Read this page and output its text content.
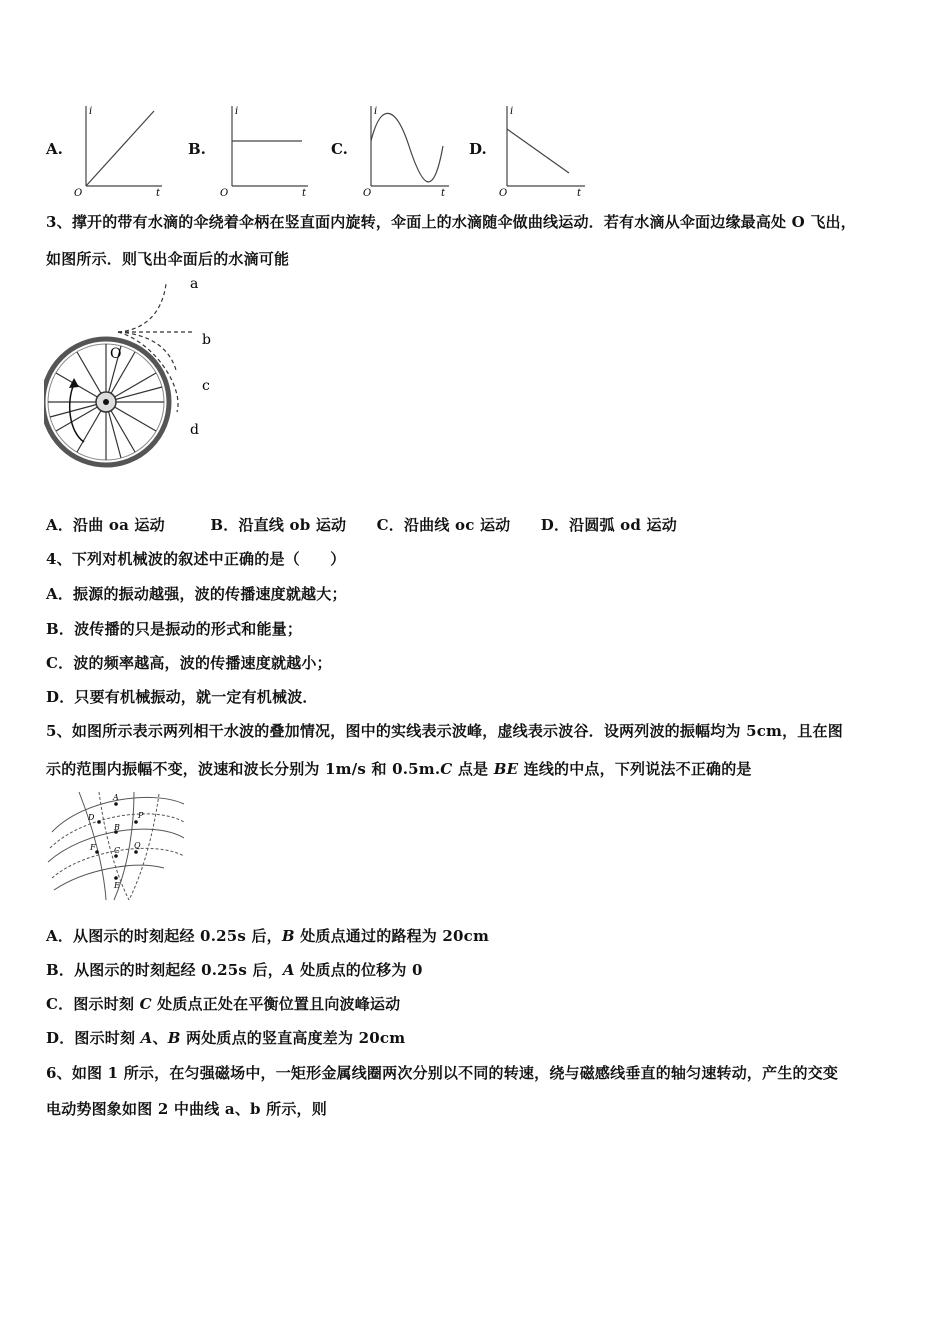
A.
i
t
O
B.
i
t
O
C.
i
t
O
D.
i
t
O
3、撑开的带有水滴的伞绕着伞柄在竖直面内旋转，伞面上的水滴随伞做曲线运动．若有水滴从伞面边缘最高处 O 飞出，
如图所示．则飞出伞面后的水滴可能
O
a
b
c
d
A．沿曲 oa 运动　　　B．沿直线 ob 运动　　C．沿曲线 oc 运动　　D．沿圆弧 od 运动
4、下列对机械波的叙述中正确的是（　　）
A．振源的振动越强，波的传播速度就越大；
B．波传播的只是振动的形式和能量；
C．波的频率越高，波的传播速度就越小；
D．只要有机械振动，就一定有机械波．
5、如图所示表示两列相干水波的叠加情况，图中的实线表示波峰，虚线表示波谷．设两列波的振幅均为 5cm，且在图
示的范围内振幅不变，波速和波长分别为 1m/s 和 0.5m.C 点是 BE 连线的中点，下列说法不正确的是
A
D	P
B
F C
Q
E
A．从图示的时刻起经 0.25s 后，B 处质点通过的路程为 20cm
B．从图示的时刻起经 0.25s 后，A 处质点的位移为 0
C．图示时刻 C 处质点正处在平衡位置且向波峰运动
D．图示时刻 A、B 两处质点的竖直高度差为 20cm
6、如图 1 所示，在匀强磁场中，一矩形金属线圈两次分别以不同的转速，绕与磁感线垂直的轴匀速转动，产生的交变
电动势图象如图 2 中曲线 a、b 所示，则
